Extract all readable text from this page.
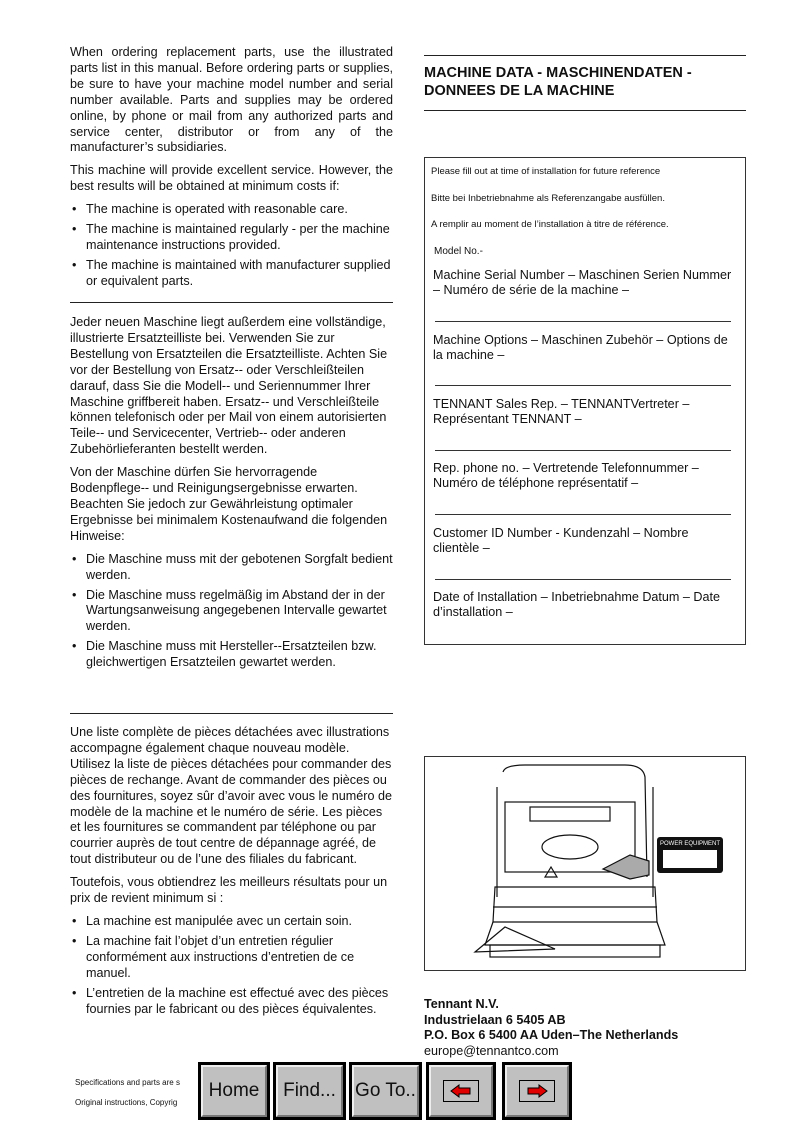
When ordering replacement parts, use the illustrated parts list in this manual. Before ordering parts or supplies, be sure to have your machine model number and serial number available. Parts and supplies may be ordered online, by phone or mail from any authorized parts and service center, distributor or from any of the manufacturer’s subsidiaries.

This machine will provide excellent service. However, the best results will be obtained at minimum costs if:

• The machine is operated with reasonable care.
• The machine is maintained regularly - per the machine maintenance instructions provided.
• The machine is maintained with manufacturer supplied or equivalent parts.

Jeder neuen Maschine liegt außerdem eine vollständige, illustrierte Ersatzteilliste bei. Verwenden Sie zur Bestellung von Ersatzteilen die Ersatzteilliste. Achten Sie vor der Bestellung von Ersatz-- oder Verschleißteilen darauf, dass Sie die Modell-- und Seriennummer Ihrer Maschine griffbereit haben. Ersatz-- und Verschleißteile können telefonisch oder per Mail von einem autorisierten Teile-- und Servicecenter, Vertrieb-- oder anderen Zubehörlieferanten bestellt werden.

Von der Maschine dürfen Sie hervorragende Bodenpflege-- und Reinigungsergebnisse erwarten. Beachten Sie jedoch zur Gewährleistung optimaler Ergebnisse bei minimalem Kostenaufwand die folgenden Hinweise:

• Die Maschine muss mit der gebotenen Sorgfalt bedient werden.
• Die Maschine muss regelmäßig im Abstand der in der Wartungsanweisung angegebenen Intervalle gewartet werden.
• Die Maschine muss mit Hersteller--Ersatzteilen bzw. gleichwertigen Ersatzteilen gewartet werden.

Une liste complète de pièces détachées avec illustrations accompagne également chaque nouveau modèle. Utilisez la liste de pièces détachées pour commander des pièces de rechange. Avant de commander des pièces ou des fournitures, soyez sûr d’avoir avec vous le numéro de modèle de la machine et le numéro de série. Les pièces et les fournitures se commandent par téléphone ou par courrier auprès de tout centre de dépannage agréé, de tout distributeur ou de l’une des filiales du fabricant.

Toutefois, vous obtiendrez les meilleurs résultats pour un prix de revient minimum si :

• La machine est manipulée avec un certain soin.
• La machine fait l’objet d’un entretien régulier conformément aux instructions d’entretien de ce manuel.
• L’entretien de la machine est effectué avec des pièces fournies par le fabricant ou des pièces équivalentes.
MACHINE DATA - MASCHINENDATEN - DONNEES DE LA MACHINE
Please fill out at time of installation for future reference
Bitte bei Inbetriebnahme als Referenzangabe ausfüllen.
A remplir au moment de l’installation à titre de référence.
Model No.-
Machine Serial Number – Maschinen Serien Nummer – Numéro de série de la machine –
Machine Options – Maschinen Zubehör – Options de la machine –
TENNANT Sales Rep. – TENNANTVertreter – Représentant TENNANT –
Rep. phone no. – Vertretende Telefonnummer – Numéro de téléphone représentatif –
Customer ID Number - Kundenzahl – Nombre clientèle –
Date of Installation – Inbetriebnahme Datum – Date d’installation –
POWER EQUIPMENT
Tennant N.V.
Industrielaan 6 5405 AB
P.O. Box 6 5400 AA Uden–The Netherlands
europe@tennantco.com
Specifications and parts are s
Original instructions, Copyrig
Home	Find...	Go To..
